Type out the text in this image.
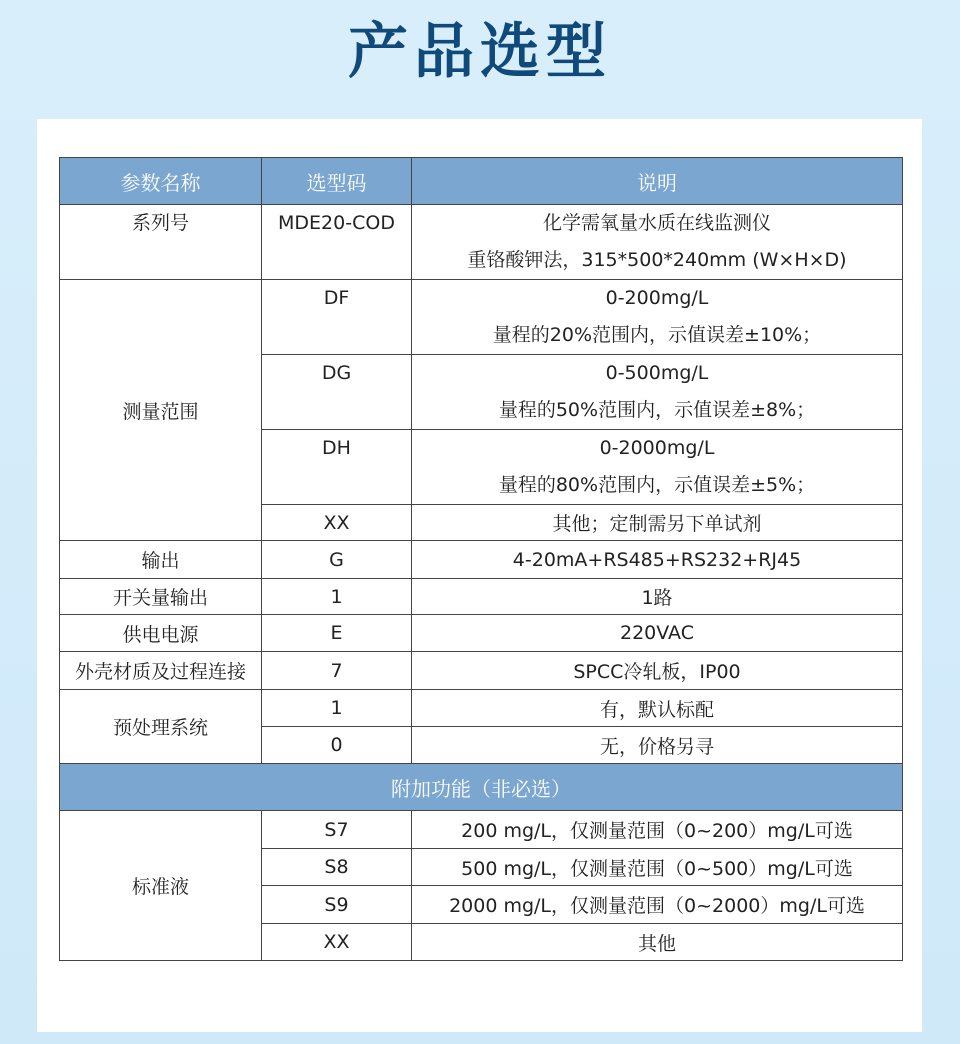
产品选型
参数名称	选型码	说明
系列号	MDE20-COD	化学需氧量水质在线监测仪
重铬酸钾法，315*500*240mm (W×H×D)

测量范围	DF	0-200mg/L
量程的20%范围内，示值误差±10%；

	DG	0-500mg/L
量程的50%范围内，示值误差±8%；

	DH	0-2000mg/L
量程的80%范围内，示值误差±5%；

	XX	其他；定制需另下单试剂
输出	G	4-20mA+RS485+RS232+RJ45
开关量输出	1	1路
供电电源	E	220VAC
外壳材质及过程连接	7	SPCC冷轧板，IP00
预处理系统	1	有，默认标配
	0	无，价格另寻
附加功能（非必选）		
标准液	S7	200 mg/L，仅测量范围（0~200）mg/L可选
	S8	500 mg/L，仅测量范围（0~500）mg/L可选
	S9	2000 mg/L，仅测量范围（0~2000）mg/L可选
	XX	其他
